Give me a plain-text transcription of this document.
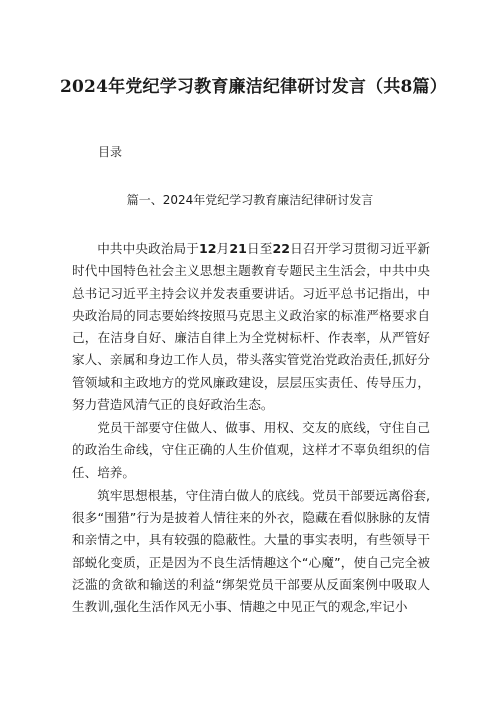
2024年党纪学习教育廉洁纪律研讨发言（共8篇）
目录
篇一、2024年党纪学习教育廉洁纪律研讨发言

中共中央政治局于12月21日至22日召开学习贯彻习近平新时代中国特色社会主义思想主题教育专题民主生活会，中共中央总书记习近平主持会议并发表重要讲话。习近平总书记指出，中央政治局的同志要始终按照马克思主义政治家的标准严格要求自己，在洁身自好、廉洁自律上为全党树标杆、作表率，从严管好家人、亲属和身边工作人员，带头落实管党治党政治责任,抓好分管领域和主政地方的党风廉政建设，层层压实责任、传导压力，努力营造风清气正的良好政治生态。

党员干部要守住做人、做事、用权、交友的底线，守住自己的政治生命线，守住正确的人生价值观，这样才不辜负组织的信任、培养。

筑牢思想根基，守住清白做人的底线。党员干部要远离俗套,很多“围猎”行为是披着人情往来的外衣，隐藏在看似脉脉的友情和亲情之中，具有较强的隐蔽性。大量的事实表明，有些领导干部蜕化变质，正是因为不良生活情趣这个“心魔”，使自己完全被泛滥的贪欲和输送的利益“绑架党员干部要从反面案例中吸取人生教训,强化生活作风无小事、情趣之中见正气的观念,牢记小
